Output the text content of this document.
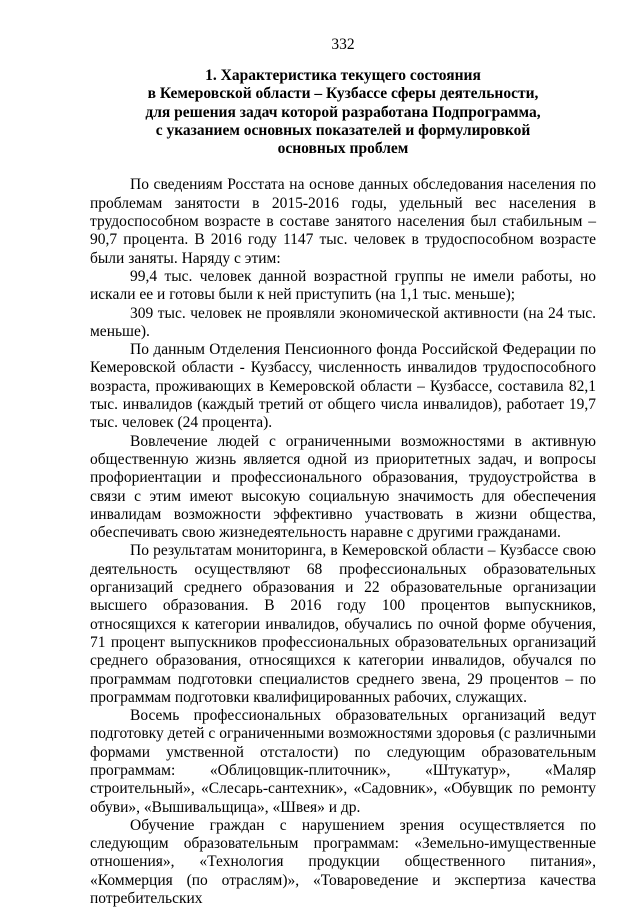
332
1. Характеристика текущего состояния
в Кемеровской области – Кузбассе сферы деятельности,
для решения задач которой разработана Подпрограмма,
с указанием основных показателей и формулировкой
основных проблем

По сведениям Росстата на основе данных обследования населения по проблемам занятости в 2015-2016 годы, удельный вес населения в трудоспособном возрасте в составе занятого населения был стабильным – 90,7 процента. В 2016 году 1147 тыс. человек в трудоспособном возрасте были заняты. Наряду с этим:

99,4 тыс. человек данной возрастной группы не имели работы, но искали ее и готовы были к ней приступить (на 1,1 тыс. меньше);

309 тыс. человек не проявляли экономической активности (на 24 тыс. меньше).

По данным Отделения Пенсионного фонда Российской Федерации по Кемеровской области - Кузбассу, численность инвалидов трудоспособного возраста, проживающих в Кемеровской области – Кузбассе, составила 82,1 тыс. инвалидов (каждый третий от общего числа инвалидов), работает 19,7 тыс. человек (24 процента).

Вовлечение людей с ограниченными возможностями в активную общественную жизнь является одной из приоритетных задач, и вопросы профориентации и профессионального образования, трудоустройства в связи с этим имеют высокую социальную значимость для обеспечения инвалидам возможности эффективно участвовать в жизни общества, обеспечивать свою жизнедеятельность наравне с другими гражданами.

По результатам мониторинга, в Кемеровской области – Кузбассе свою деятельность осуществляют 68 профессиональных образовательных организаций среднего образования и 22 образовательные организации высшего образования. В 2016 году 100 процентов выпускников, относящихся к категории инвалидов, обучались по очной форме обучения, 71 процент выпускников профессиональных образовательных организаций среднего образования, относящихся к категории инвалидов, обучался по программам подготовки специалистов среднего звена, 29 процентов – по программам подготовки квалифицированных рабочих, служащих.

Восемь профессиональных образовательных организаций ведут подготовку детей с ограниченными возможностями здоровья (с различными формами умственной отсталости) по следующим образовательным программам: «Облицовщик-плиточник», «Штукатур», «Маляр строительный», «Слесарь-сантехник», «Садовник», «Обувщик по ремонту обуви», «Вышивальщица», «Швея» и др.

Обучение граждан с нарушением зрения осуществляется по следующим образовательным программам: «Земельно-имущественные отношения», «Технология продукции общественного питания», «Коммерция (по отраслям)», «Товароведение и экспертиза качества потребительских
